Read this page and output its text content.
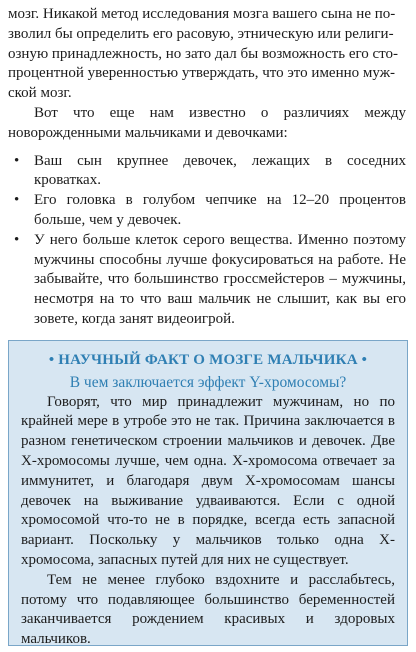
мозг. Никакой метод исследования мозга вашего сына не по-
зволил бы определить его расовую, этническую или религи-
озную принадлежность, но зато дал бы возможность его сто-
процентной уверенностью утверждать, что это именно муж-
ской мозг.

Вот что еще нам известно о различиях между новорожденными мальчиками и девочками:

• Ваш сын крупнее девочек, лежащих в соседних кроватках.
• Его головка в голубом чепчике на 12–20 процентов больше, чем у девочек.
• У него больше клеток серого вещества. Именно поэтому мужчины способны лучше фокусироваться на работе. Не забывайте, что большинство гроссмейстеров – мужчины, несмотря на то что ваш мальчик не слышит, как вы его зовете, когда занят видеоигрой.
• НАУЧНЫЙ ФАКТ О МОЗГЕ МАЛЬЧИКА •
В чем заключается эффект Y-хромосомы?

Говорят, что мир принадлежит мужчинам, но по крайней мере в утробе это не так. Причина заключается в разном генетическом строении мальчиков и девочек. Две X-хромосомы лучше, чем одна. X-хромосома отвечает за иммунитет, и благодаря двум X-хромосомам шансы девочек на выживание удваиваются. Если с одной хромосомой что-то не в порядке, всегда есть запасной вариант. Поскольку у мальчиков только одна X-хромосома, запасных путей для них не существует.

Тем не менее глубоко вздохните и расслабьтесь, потому что подавляющее большинство беременностей заканчивается рождением красивых и здоровых мальчиков.
